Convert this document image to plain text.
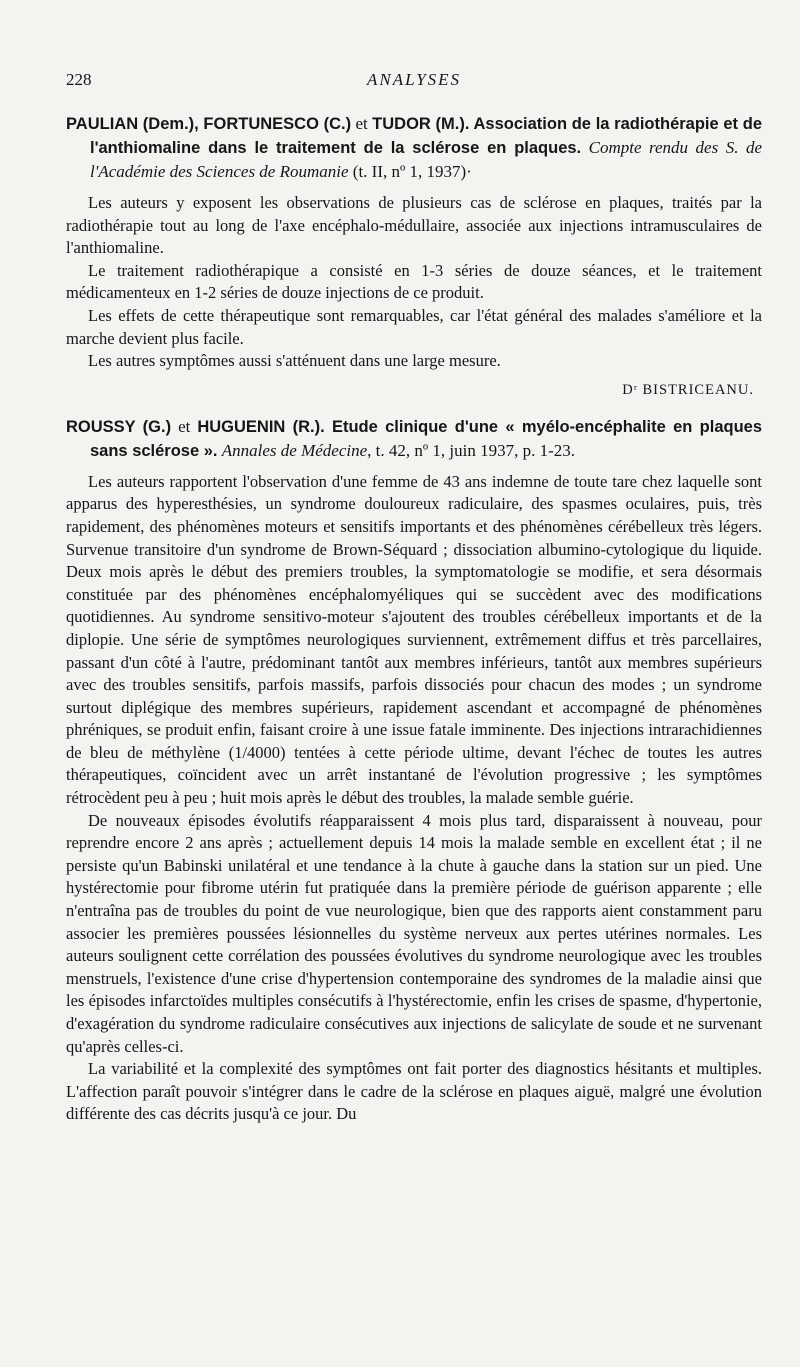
228	ANALYSES

PAULIAN (Dem.), FORTUNESCO (C.) et TUDOR (M.). Association de la radiothérapie et de l'anthiomaline dans le traitement de la sclérose en plaques. Compte rendu des S. de l'Académie des Sciences de Roumanie (t. II, nº 1, 1937)·

Les auteurs y exposent les observations de plusieurs cas de sclérose en plaques, traités par la radiothérapie tout au long de l'axe encéphalo-médullaire, associée aux injections intramusculaires de l'anthiomaline.

Le traitement radiothérapique a consisté en 1-3 séries de douze séances, et le traitement médicamenteux en 1-2 séries de douze injections de ce produit.

Les effets de cette thérapeutique sont remarquables, car l'état général des malades s'améliore et la marche devient plus facile.

Les autres symptômes aussi s'atténuent dans une large mesure.

Dʳ BISTRICEANU.

ROUSSY (G.) et HUGUENIN (R.). Etude clinique d'une « myélo-encéphalite en plaques sans sclérose ». Annales de Médecine, t. 42, nº 1, juin 1937, p. 1-23.

Les auteurs rapportent l'observation d'une femme de 43 ans indemne de toute tare chez laquelle sont apparus des hyperesthésies, un syndrome douloureux radiculaire, des spasmes oculaires, puis, très rapidement, des phénomènes moteurs et sensitifs importants et des phénomènes cérébelleux très légers. Survenue transitoire d'un syndrome de Brown-Séquard ; dissociation albumino-cytologique du liquide. Deux mois après le début des premiers troubles, la symptomatologie se modifie, et sera désormais constituée par des phénomènes encéphalomyéliques qui se succèdent avec des modifications quotidiennes. Au syndrome sensitivo-moteur s'ajoutent des troubles cérébelleux importants et de la diplopie. Une série de symptômes neurologiques surviennent, extrêmement diffus et très parcellaires, passant d'un côté à l'autre, prédominant tantôt aux membres inférieurs, tantôt aux membres supérieurs avec des troubles sensitifs, parfois massifs, parfois dissociés pour chacun des modes ; un syndrome surtout diplégique des membres supérieurs, rapidement ascendant et accompagné de phénomènes phréniques, se produit enfin, faisant croire à une issue fatale imminente. Des injections intrarachidiennes de bleu de méthylène (1/4000) tentées à cette période ultime, devant l'échec de toutes les autres thérapeutiques, coïncident avec un arrêt instantané de l'évolution progressive ; les symptômes rétrocèdent peu à peu ; huit mois après le début des troubles, la malade semble guérie.

De nouveaux épisodes évolutifs réapparaissent 4 mois plus tard, disparaissent à nouveau, pour reprendre encore 2 ans après ; actuellement depuis 14 mois la malade semble en excellent état ; il ne persiste qu'un Babinski unilatéral et une tendance à la chute à gauche dans la station sur un pied. Une hystérectomie pour fibrome utérin fut pratiquée dans la première période de guérison apparente ; elle n'entraîna pas de troubles du point de vue neurologique, bien que des rapports aient constamment paru associer les premières poussées lésionnelles du système nerveux aux pertes utérines normales. Les auteurs soulignent cette corrélation des poussées évolutives du syndrome neurologique avec les troubles menstruels, l'existence d'une crise d'hypertension contemporaine des syndromes de la maladie ainsi que les épisodes infarctoïdes multiples consécutifs à l'hystérectomie, enfin les crises de spasme, d'hypertonie, d'exagération du syndrome radiculaire consécutives aux injections de salicylate de soude et ne survenant qu'après celles-ci.

La variabilité et la complexité des symptômes ont fait porter des diagnostics hésitants et multiples. L'affection paraît pouvoir s'intégrer dans le cadre de la sclérose en plaques aiguë, malgré une évolution différente des cas décrits jusqu'à ce jour. Du
